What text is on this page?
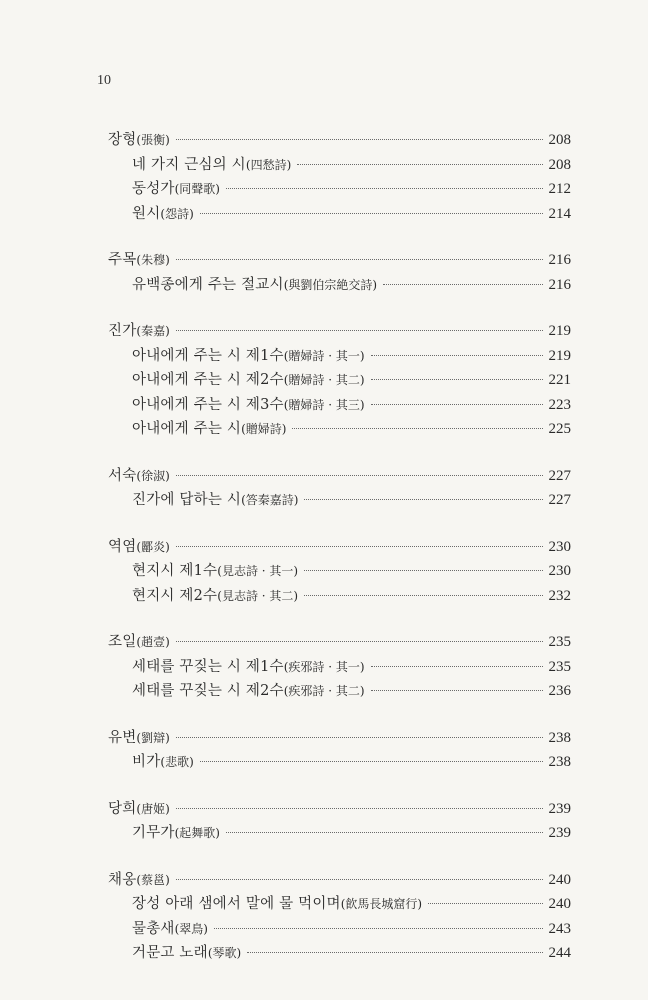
10
장형(張衡)	208
네 가지 근심의 시(四愁詩)	208
동성가(同聲歌)	212
원시(怨詩)	214
주목(朱穆)	216
유백종에게 주는 절교시(與劉伯宗絶交詩)	216
진가(秦嘉)	219
아내에게 주는 시 제1수(贈婦詩 · 其一)	219
아내에게 주는 시 제2수(贈婦詩 · 其二)	221
아내에게 주는 시 제3수(贈婦詩 · 其三)	223
아내에게 주는 시(贈婦詩)	225
서숙(徐淑)	227
진가에 답하는 시(答秦嘉詩)	227
역염(酈炎)	230
현지시 제1수(見志詩 · 其一)	230
현지시 제2수(見志詩 · 其二)	232
조일(趙壹)	235
세태를 꾸짖는 시 제1수(疾邪詩 · 其一)	235
세태를 꾸짖는 시 제2수(疾邪詩 · 其二)	236
유변(劉辯)	238
비가(悲歌)	238
당희(唐姬)	239
기무가(起舞歌)	239
채옹(蔡邕)	240
장성 아래 샘에서 말에 물 먹이며(飮馬長城窟行)	240
물총새(翠鳥)	243
거문고 노래(琴歌)	244
